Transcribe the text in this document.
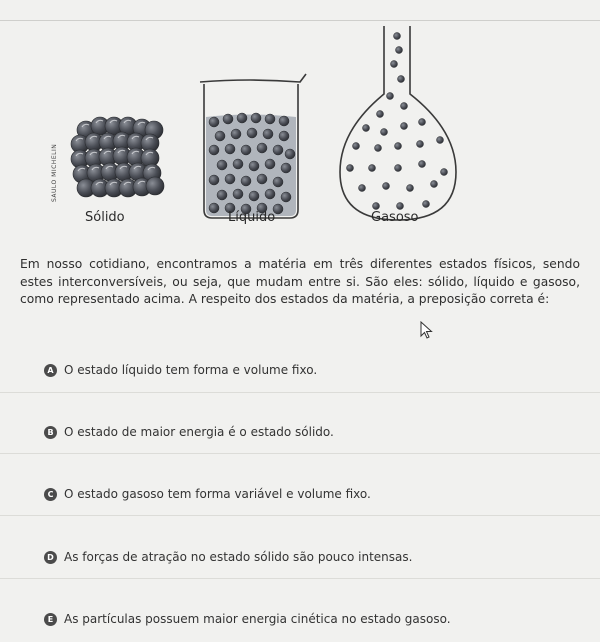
SAULO MICHELIN
Sólido	Líquido	Gasoso
Em nosso cotidiano, encontramos a matéria em três diferentes estados físicos, sendo estes interconversíveis, ou seja, que mudam entre si. São eles: sólido, líquido e gasoso, como representado acima. A respeito dos estados da matéria, a preposição correta é:
A O estado líquido tem forma e volume fixo.
B O estado de maior energia é o estado sólido.
C O estado gasoso tem forma variável e volume fixo.
D As forças de atração no estado sólido são pouco intensas.
E As partículas possuem maior energia cinética no estado gasoso.
